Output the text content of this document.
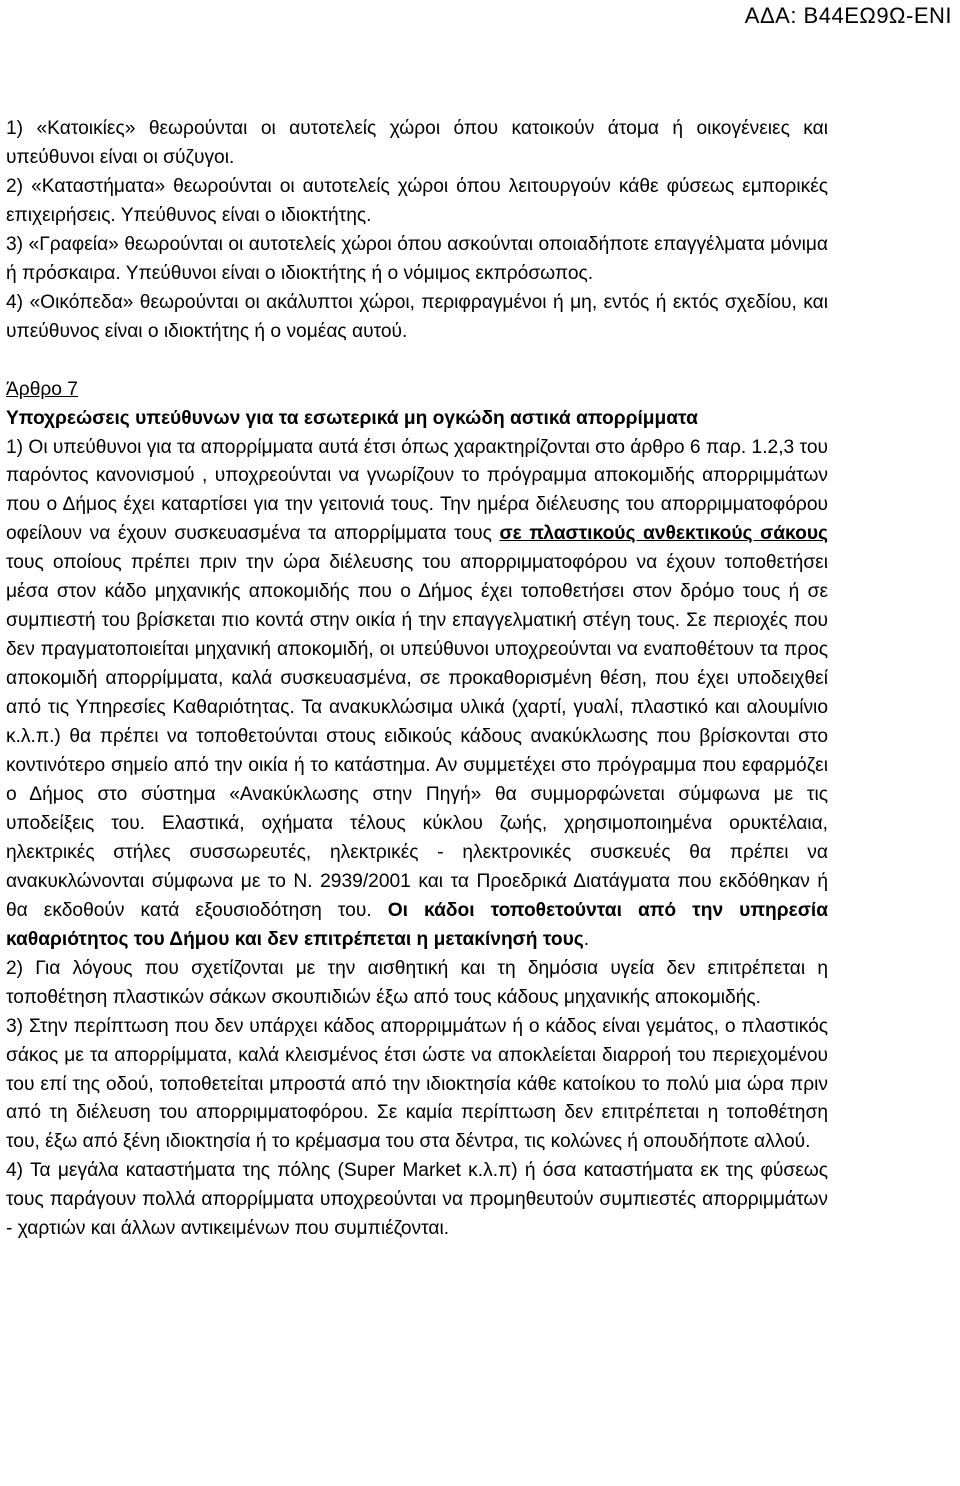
ΑΔΑ: Β44ΕΩ9Ω-ΕΝΙ

1) «Κατοικίες» θεωρούνται οι αυτοτελείς χώροι όπου κατοικούν άτομα ή οικογένειες και υπεύθυνοι είναι οι σύζυγοι.

2) «Καταστήματα» θεωρούνται οι αυτοτελείς χώροι όπου λειτουργούν κάθε φύσεως εμπορικές επιχειρήσεις. Υπεύθυνος είναι ο ιδιοκτήτης.

3) «Γραφεία» θεωρούνται οι αυτοτελείς χώροι όπου ασκούνται οποιαδήποτε επαγγέλματα μόνιμα ή πρόσκαιρα. Υπεύθυνοι είναι ο ιδιοκτήτης ή ο νόμιμος εκπρόσωπος.

4) «Οικόπεδα» θεωρούνται οι ακάλυπτοι χώροι, περιφραγμένοι ή μη, εντός ή εκτός σχεδίου, και υπεύθυνος είναι ο ιδιοκτήτης ή ο νομέας αυτού.

Άρθρο 7

Υποχρεώσεις υπεύθυνων για τα εσωτερικά μη ογκώδη αστικά απορρίμματα

1) Οι υπεύθυνοι για τα απορρίμματα αυτά έτσι όπως χαρακτηρίζονται στο άρθρο 6 παρ. 1.2,3 του παρόντος κανονισμού , υποχρεούνται να γνωρίζουν το πρόγραμμα αποκομιδής απορριμμάτων που ο Δήμος έχει καταρτίσει για την γειτονιά τους. Την ημέρα διέλευσης του απορριμματοφόρου οφείλουν να έχουν συσκευασμένα τα απορρίμματα τους σε πλαστικούς ανθεκτικούς σάκους τους οποίους πρέπει πριν την ώρα διέλευσης του απορριμματοφόρου να έχουν τοποθετήσει μέσα στον κάδο μηχανικής αποκομιδής που ο Δήμος έχει τοποθετήσει στον δρόμο τους ή σε συμπιεστή του βρίσκεται πιο κοντά στην οικία ή την επαγγελματική στέγη τους. Σε περιοχές που δεν πραγματοποιείται μηχανική αποκομιδή, οι υπεύθυνοι υποχρεούνται να εναποθέτουν τα προς αποκομιδή απορρίμματα, καλά συσκευασμένα, σε προκαθορισμένη θέση, που έχει υποδειχθεί από τις Υπηρεσίες Καθαριότητας. Τα ανακυκλώσιμα υλικά (χαρτί, γυαλί, πλαστικό και αλουμίνιο κ.λ.π.) θα πρέπει να τοποθετούνται στους ειδικούς κάδους ανακύκλωσης που βρίσκονται στο κοντινότερο σημείο από την οικία ή το κατάστημα. Αν συμμετέχει στο πρόγραμμα που εφαρμόζει ο Δήμος στο σύστημα «Ανακύκλωσης στην Πηγή» θα συμμορφώνεται σύμφωνα με τις υποδείξεις του. Ελαστικά, οχήματα τέλους κύκλου ζωής, χρησιμοποιημένα ορυκτέλαια, ηλεκτρικές στήλες συσσωρευτές, ηλεκτρικές - ηλεκτρονικές συσκευές θα πρέπει να ανακυκλώνονται σύμφωνα με το Ν. 2939/2001 και τα Προεδρικά Διατάγματα που εκδόθηκαν ή θα εκδοθούν κατά εξουσιοδότηση του. Οι κάδοι τοποθετούνται από την υπηρεσία καθαριότητος του Δήμου και δεν επιτρέπεται η μετακίνησή τους.

2) Για λόγους που σχετίζονται με την αισθητική και τη δημόσια υγεία δεν επιτρέπεται η τοποθέτηση πλαστικών σάκων σκουπιδιών έξω από τους κάδους μηχανικής αποκομιδής.

3) Στην περίπτωση που δεν υπάρχει κάδος απορριμμάτων ή ο κάδος είναι γεμάτος, ο πλαστικός σάκος με τα απορρίμματα, καλά κλεισμένος έτσι ώστε να αποκλείεται διαρροή του περιεχομένου του επί της οδού, τοποθετείται μπροστά από την ιδιοκτησία κάθε κατοίκου το πολύ μια ώρα πριν από τη διέλευση του απορριμματοφόρου. Σε καμία περίπτωση δεν επιτρέπεται η τοποθέτηση του, έξω από ξένη ιδιοκτησία ή το κρέμασμα του στα δέντρα, τις κολώνες ή οπουδήποτε αλλού.

4) Τα μεγάλα καταστήματα της πόλης (Super Market κ.λ.π) ή όσα καταστήματα εκ της φύσεως τους παράγουν πολλά απορρίμματα υποχρεούνται να προμηθευτούν συμπιεστές απορριμμάτων - χαρτιών και άλλων αντικειμένων που συμπιέζονται.
